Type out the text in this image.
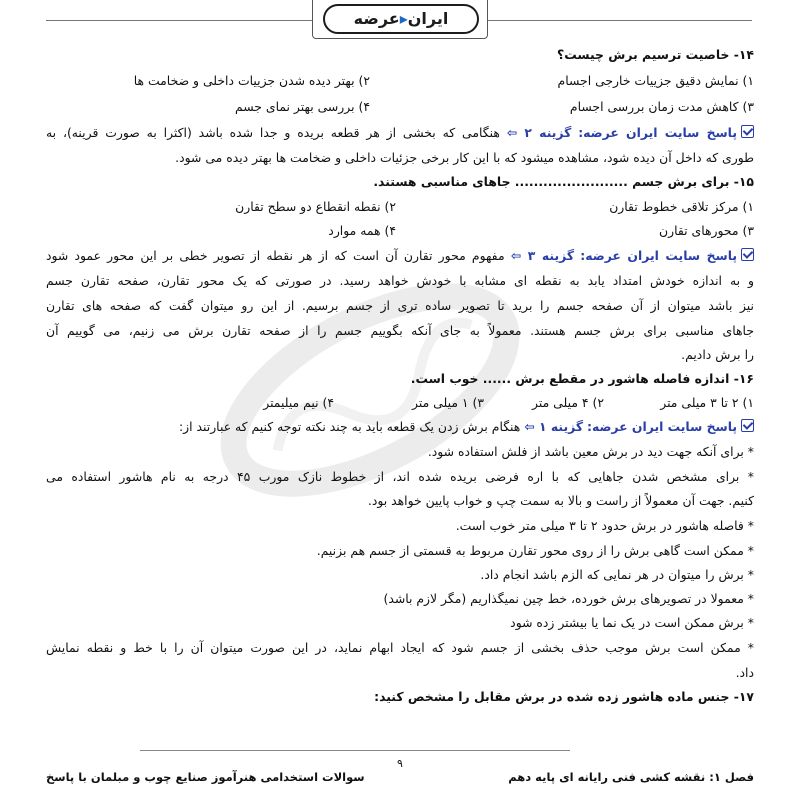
ایران▸عرضه
۱۴- خاصیت ترسیم برش چیست؟
۱) نمایش دقیق جزییات خارجی اجسام
۲) بهتر دیده شدن جزییات داخلی و ضخامت ها
۳) کاهش مدت زمان بررسی اجسام
۴) بررسی بهتر نمای جسم
پاسخ سایت ایران عرضه: گزینه ۲ ⇦ هنگامی که بخشی از هر قطعه بریده و جدا شده باشد (اکثرا به صورت قرینه)، به
طوری که داخل آن دیده شود، مشاهده میشود که با این کار برخی جزئیات داخلی و ضخامت ها بهتر دیده می شود.
۱۵- برای برش جسم ........................ جاهای مناسبی هستند.
۱) مرکز تلاقی خطوط تقارن
۲) نقطه انقطاع دو سطح تقارن
۳) محورهای تقارن
۴) همه موارد
پاسخ سایت ایران عرضه: گزینه ۳ ⇦ مفهوم محور تقارن آن است که از هر نقطه از تصویر خطی بر این محور عمود شود
و به اندازه خودش امتداد یابد به نقطه ای مشابه با خودش خواهد رسید. در صورتی که یک محور تقارن، صفحه تقارن جسم
نیز باشد میتوان از آن صفحه جسم را برید تا تصویر ساده تری از جسم برسیم. از این رو میتوان گفت که صفحه های تقارن
جاهای مناسبی برای برش جسم هستند. معمولاً به جای آنکه بگوییم جسم را از صفحه تقارن برش می زنیم، می گوییم آن
را برش دادیم.
۱۶- اندازه فاصله هاشور در مقطع برش ...... خوب است.
۱) ۲ تا ۳ میلی متر
۲) ۴ میلی متر
۳) ۱ میلی متر
۴) نیم میلیمتر
پاسخ سایت ایران عرضه: گزینه ۱ ⇦ هنگام برش زدن یک قطعه باید به چند نکته توجه کنیم که عبارتند از:
* برای آنکه جهت دید در برش معین باشد از فلش استفاده شود.
* برای مشخص شدن جاهایی که با اره فرضی بریده شده اند، از خطوط نازک مورب ۴۵ درجه به نام هاشور استفاده می
کنیم. جهت آن معمولاً از راست و بالا به سمت چپ و خواب پایین خواهد بود.
* فاصله هاشور در برش حدود ۲ تا ۳ میلی متر خوب است.
* ممکن است گاهی برش را از روی محور تقارن مربوط به قسمتی از جسم هم بزنیم.
* برش را میتوان در هر نمایی که الزم باشد انجام داد.
* معمولا در تصویرهای برش خورده، خط چین نمیگذاریم (مگر لازم باشد)
* برش ممکن است در یک نما یا بیشتر زده شود
* ممکن است برش موجب حذف بخشی از جسم شود که ایجاد ابهام نماید، در این صورت میتوان آن را با خط و نقطه نمایش
داد.
۱۷- جنس ماده هاشور زده شده در برش مقابل را مشخص کنید:
۹
فصل ۱: نقشه کشی فنی رایانه ای پایه دهم
سوالات استخدامی هنرآموز صنایع چوب و مبلمان با پاسخ
